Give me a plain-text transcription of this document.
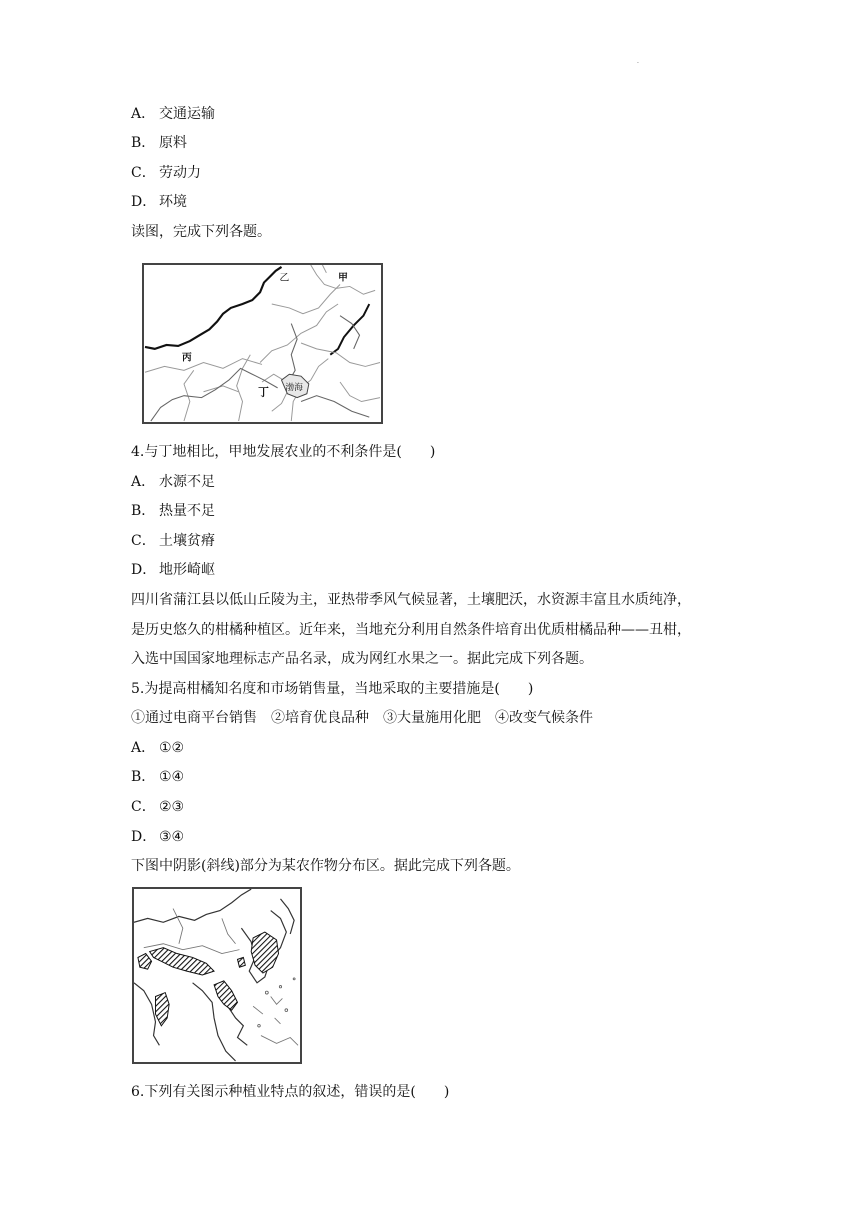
.
A． 交通运输
B． 原料
C． 劳动力
D． 环境
读图，完成下列各题。
乙	甲
丙
丁 渤海
4.与丁地相比，甲地发展农业的不利条件是(　　)
A． 水源不足
B． 热量不足
C． 土壤贫瘠
D． 地形崎岖
四川省蒲江县以低山丘陵为主，亚热带季风气候显著，土壤肥沃，水资源丰富且水质纯净，
是历史悠久的柑橘种植区。近年来，当地充分利用自然条件培育出优质柑橘品种——丑柑，
入选中国国家地理标志产品名录，成为网红水果之一。据此完成下列各题。
5.为提高柑橘知名度和市场销售量，当地采取的主要措施是(　　)
①通过电商平台销售　②培育优良品种　③大量施用化肥　④改变气候条件
A． ①②
B． ①④
C． ②③
D． ③④
下图中阴影(斜线)部分为某农作物分布区。据此完成下列各题。
6.下列有关图示种植业特点的叙述，错误的是(　　)
